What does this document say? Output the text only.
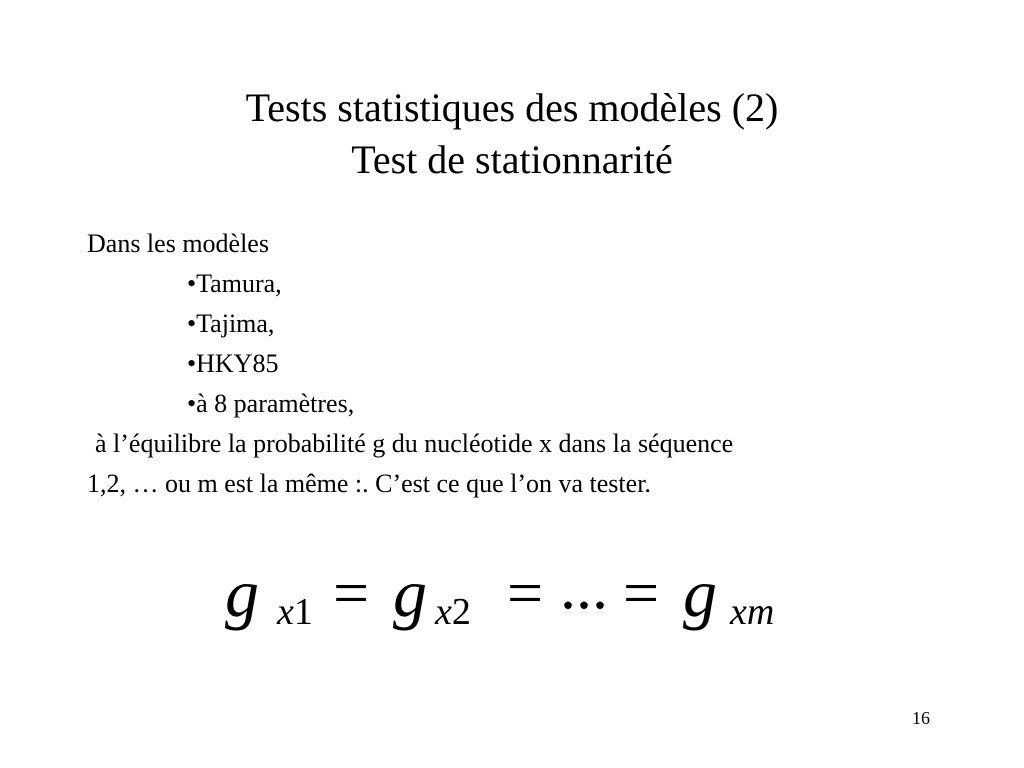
Tests statistiques des modèles (2)
Test de stationnarité
Dans les modèles
•Tamura,
•Tajima,
•HKY85
•à 8 paramètres,
à l’équilibre la probabilité g du nucléotide x dans la séquence
1,2, … ou m est la même :. C’est ce que l’on va tester.
g x1 = g x2 = ... = g xm
16
